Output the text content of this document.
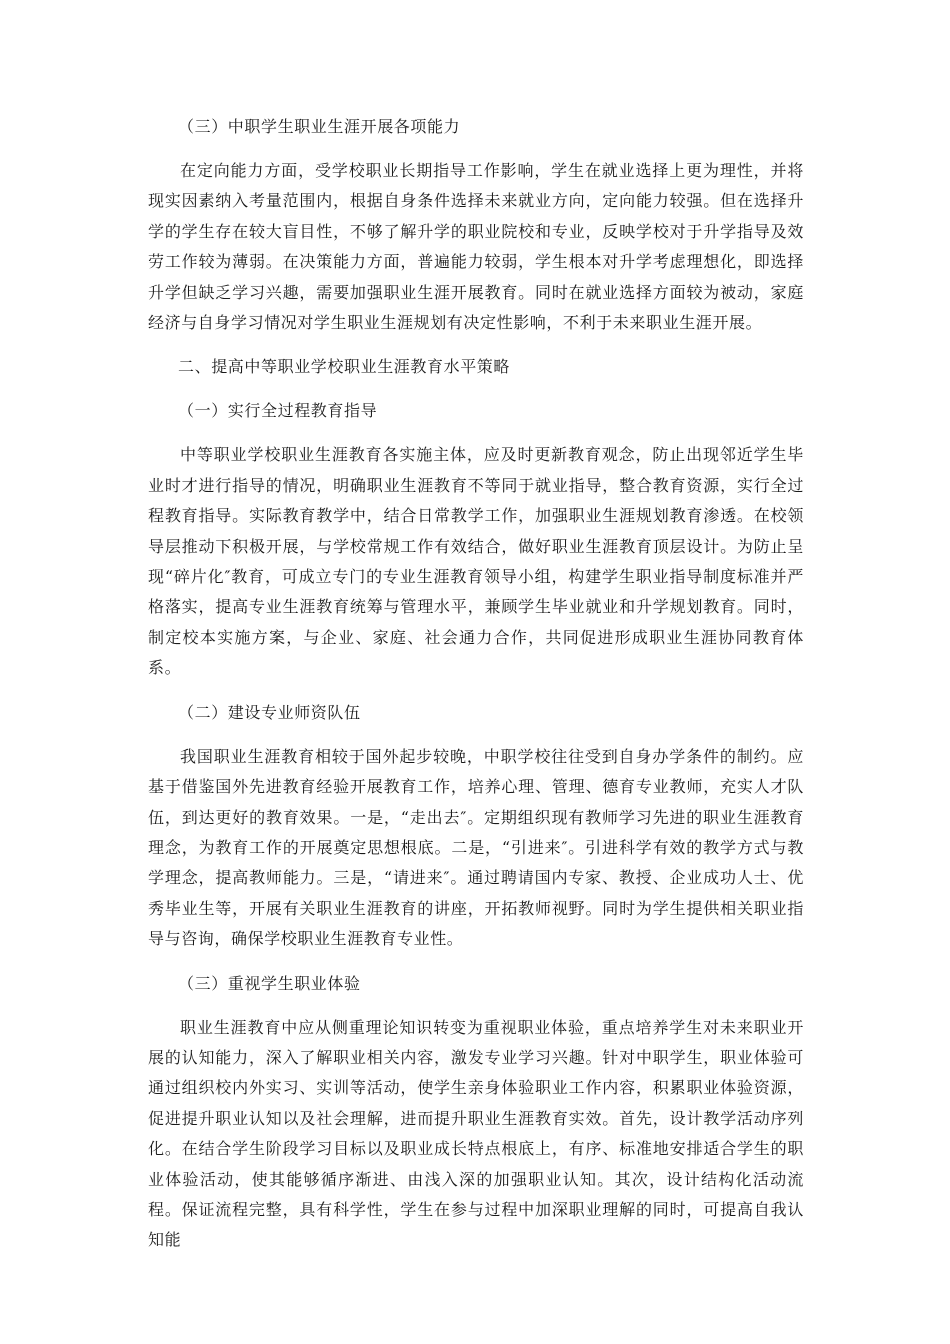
（三）中职学生职业生涯开展各项能力

在定向能力方面，受学校职业长期指导工作影响，学生在就业选择上更为理性，并将现实因素纳入考量范围内，根据自身条件选择未来就业方向，定向能力较强。但在选择升学的学生存在较大盲目性，不够了解升学的职业院校和专业，反映学校对于升学指导及效劳工作较为薄弱。在决策能力方面，普遍能力较弱，学生根本对升学考虑理想化，即选择升学但缺乏学习兴趣，需要加强职业生涯开展教育。同时在就业选择方面较为被动，家庭经济与自身学习情况对学生职业生涯规划有决定性影响，不利于未来职业生涯开展。

二、提高中等职业学校职业生涯教育水平策略

（一）实行全过程教育指导

中等职业学校职业生涯教育各实施主体，应及时更新教育观念，防止出现邻近学生毕业时才进行指导的情况，明确职业生涯教育不等同于就业指导，整合教育资源，实行全过程教育指导。实际教育教学中，结合日常教学工作，加强职业生涯规划教育渗透。在校领导层推动下积极开展，与学校常规工作有效结合，做好职业生涯教育顶层设计。为防止呈现“碎片化″教育，可成立专门的专业生涯教育领导小组，构建学生职业指导制度标准并严格落实，提高专业生涯教育统筹与管理水平，兼顾学生毕业就业和升学规划教育。同时，制定校本实施方案，与企业、家庭、社会通力合作，共同促进形成职业生涯协同教育体系。

（二）建设专业师资队伍

我国职业生涯教育相较于国外起步较晚，中职学校往往受到自身办学条件的制约。应基于借鉴国外先进教育经验开展教育工作，培养心理、管理、德育专业教师，充实人才队伍，到达更好的教育效果。一是，“走出去″。定期组织现有教师学习先进的职业生涯教育理念，为教育工作的开展奠定思想根底。二是，“引进来″。引进科学有效的教学方式与教学理念，提高教师能力。三是，“请进来″。通过聘请国内专家、教授、企业成功人士、优秀毕业生等，开展有关职业生涯教育的讲座，开拓教师视野。同时为学生提供相关职业指导与咨询，确保学校职业生涯教育专业性。

（三）重视学生职业体验

职业生涯教育中应从侧重理论知识转变为重视职业体验，重点培养学生对未来职业开展的认知能力，深入了解职业相关内容，激发专业学习兴趣。针对中职学生，职业体验可通过组织校内外实习、实训等活动，使学生亲身体验职业工作内容，积累职业体验资源，促进提升职业认知以及社会理解，进而提升职业生涯教育实效。首先，设计教学活动序列化。在结合学生阶段学习目标以及职业成长特点根底上，有序、标准地安排适合学生的职业体验活动，使其能够循序渐进、由浅入深的加强职业认知。其次，设计结构化活动流程。保证流程完整，具有科学性，学生在参与过程中加深职业理解的同时，可提高自我认知能
